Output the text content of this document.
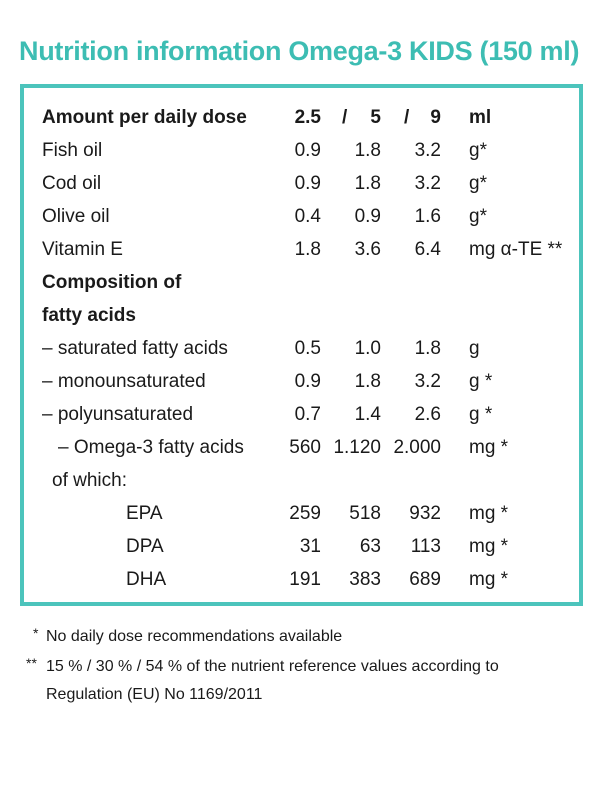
Nutrition information Omega-3 KIDS (150 ml)
Amount per daily dose	2.5 / 5 / 9 ml
Fish oil	0.9 1.8 3.2 g*
Cod oil	0.9 1.8 3.2 g*
Olive oil	0.4 0.9 1.6 g*
Vitamin E	1.8 3.6 6.4 mg α-TE **
Composition of
fatty acids
– saturated fatty acids	0.5 1.0 1.8 g
– monounsaturated	0.9 1.8 3.2 g *
– polyunsaturated	0.7 1.4 2.6 g *
– Omega-3 fatty acids 560 1.120 2.000 mg *
of which:
EPA	259 518 932 mg *
DPA	31 63 113 mg *
DHA	191 383 689 mg *
* No daily dose recommendations available
** 15 % / 30 % / 54 % of the nutrient reference values according to
Regulation (EU) No 1169/2011
